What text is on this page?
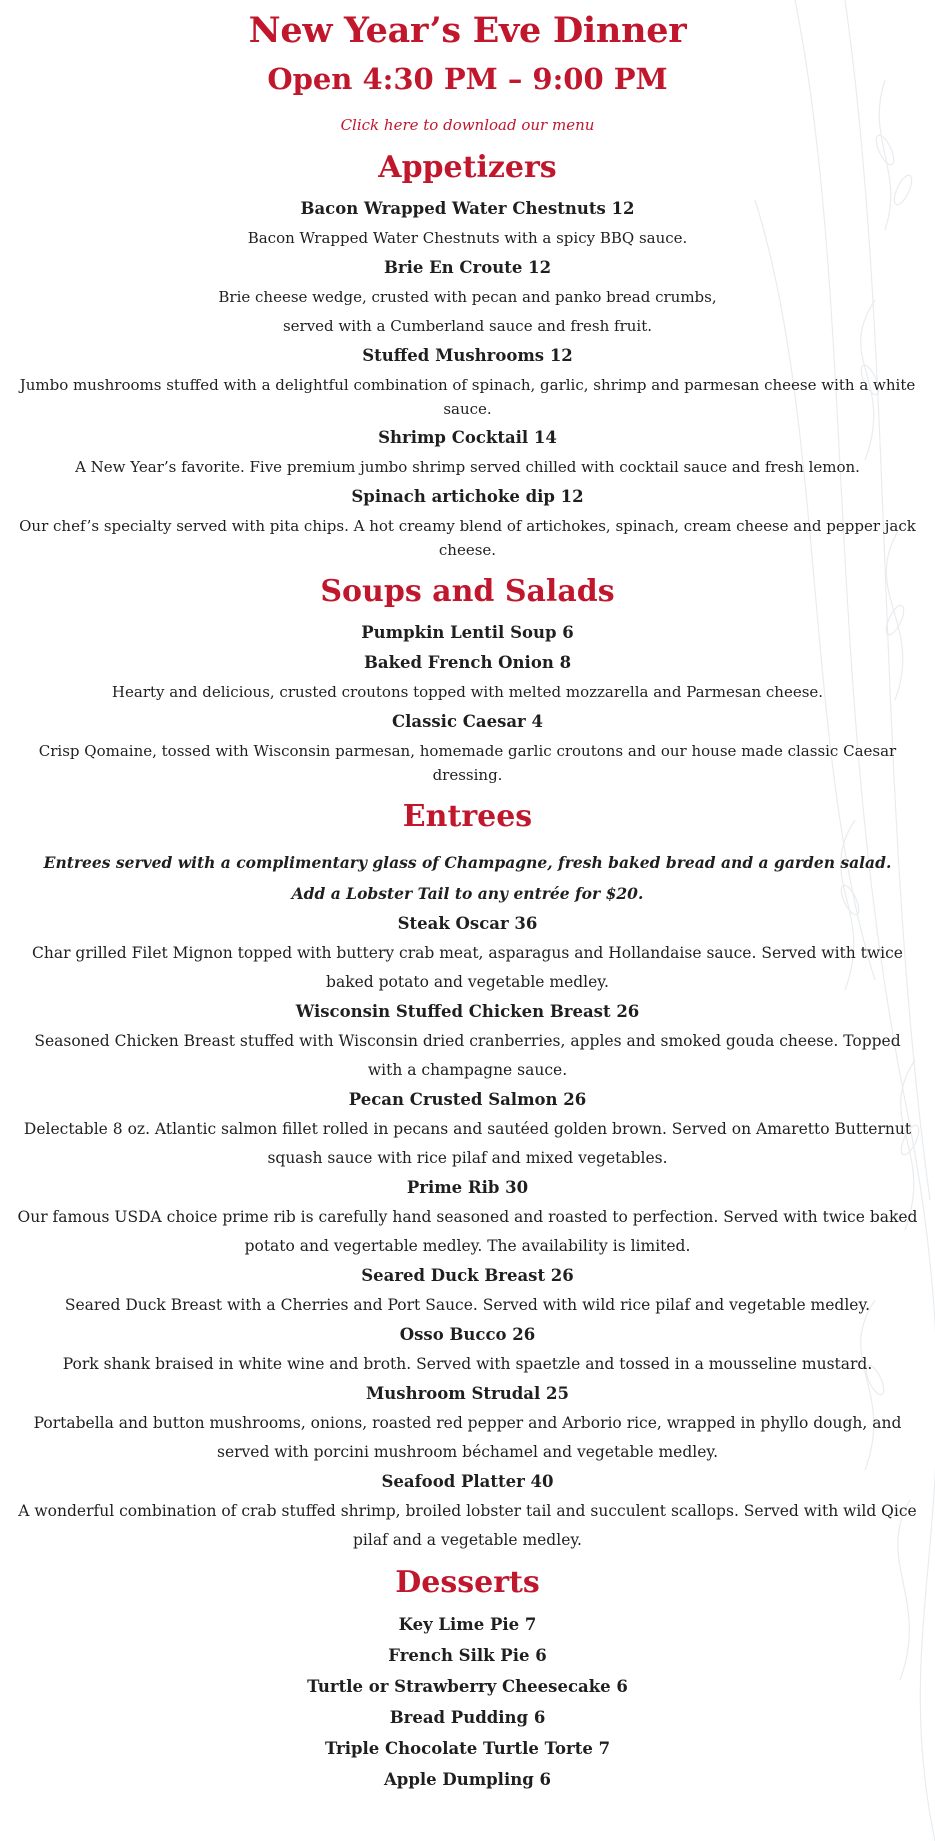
New Year’s Eve Dinner
Open 4:30 PM – 9:00 PM
Click here to download our menu
Appetizers

Bacon Wrapped Water Chestnuts 12

Bacon Wrapped Water Chestnuts with a spicy BBQ sauce.

Brie En Croute 12

Brie cheese wedge, crusted with pecan and panko bread crumbs,

served with a Cumberland sauce and fresh fruit.

Stuffed Mushrooms 12

Jumbo mushrooms stuffed with a delightful combination of spinach, garlic, shrimp and parmesan cheese with a white sauce.

Shrimp Cocktail 14

A New Year’s favorite. Five premium jumbo shrimp served chilled with cocktail sauce and fresh lemon.

Spinach artichoke dip 12

Our chef’s specialty served with pita chips. A hot creamy blend of artichokes, spinach, cream cheese and pepper jack cheese.

Soups and Salads

Pumpkin Lentil Soup 6

Baked French Onion 8

Hearty and delicious, crusted croutons topped with melted mozzarella and Parmesan cheese.

Classic Caesar 4

Crisp Qomaine, tossed with Wisconsin parmesan, homemade garlic croutons and our house made classic Caesar dressing.

Entrees

Entrees served with a complimentary glass of Champagne, fresh baked bread and a garden salad. Add a Lobster Tail to any entrée for $20.

Steak Oscar 36

Char grilled Filet Mignon topped with buttery crab meat, asparagus and Hollandaise sauce. Served with twice baked potato and vegetable medley.

Wisconsin Stuffed Chicken Breast 26

Seasoned Chicken Breast stuffed with Wisconsin dried cranberries, apples and smoked gouda cheese. Topped with a champagne sauce.

Pecan Crusted Salmon 26

Delectable 8 oz. Atlantic salmon fillet rolled in pecans and sautéed golden brown. Served on Amaretto Butternut squash sauce with rice pilaf and mixed vegetables.

Prime Rib 30

Our famous USDA choice prime rib is carefully hand seasoned and roasted to perfection. Served with twice baked potato and vegertable medley. The availability is limited.

Seared Duck Breast 26

Seared Duck Breast with a Cherries and Port Sauce. Served with wild rice pilaf and vegetable medley.

Osso Bucco 26

Pork shank braised in white wine and broth. Served with spaetzle and tossed in a mousseline mustard.

Mushroom Strudal 25

Portabella and button mushrooms, onions, roasted red pepper and Arborio rice, wrapped in phyllo dough, and served with porcini mushroom béchamel and vegetable medley.

Seafood Platter 40

A wonderful combination of crab stuffed shrimp, broiled lobster tail and succulent scallops. Served with wild Qice pilaf and a vegetable medley.

Desserts

Key Lime Pie 7

French Silk Pie 6

Turtle or Strawberry Cheesecake 6

Bread Pudding 6

Triple Chocolate Turtle Torte 7

Apple Dumpling 6
